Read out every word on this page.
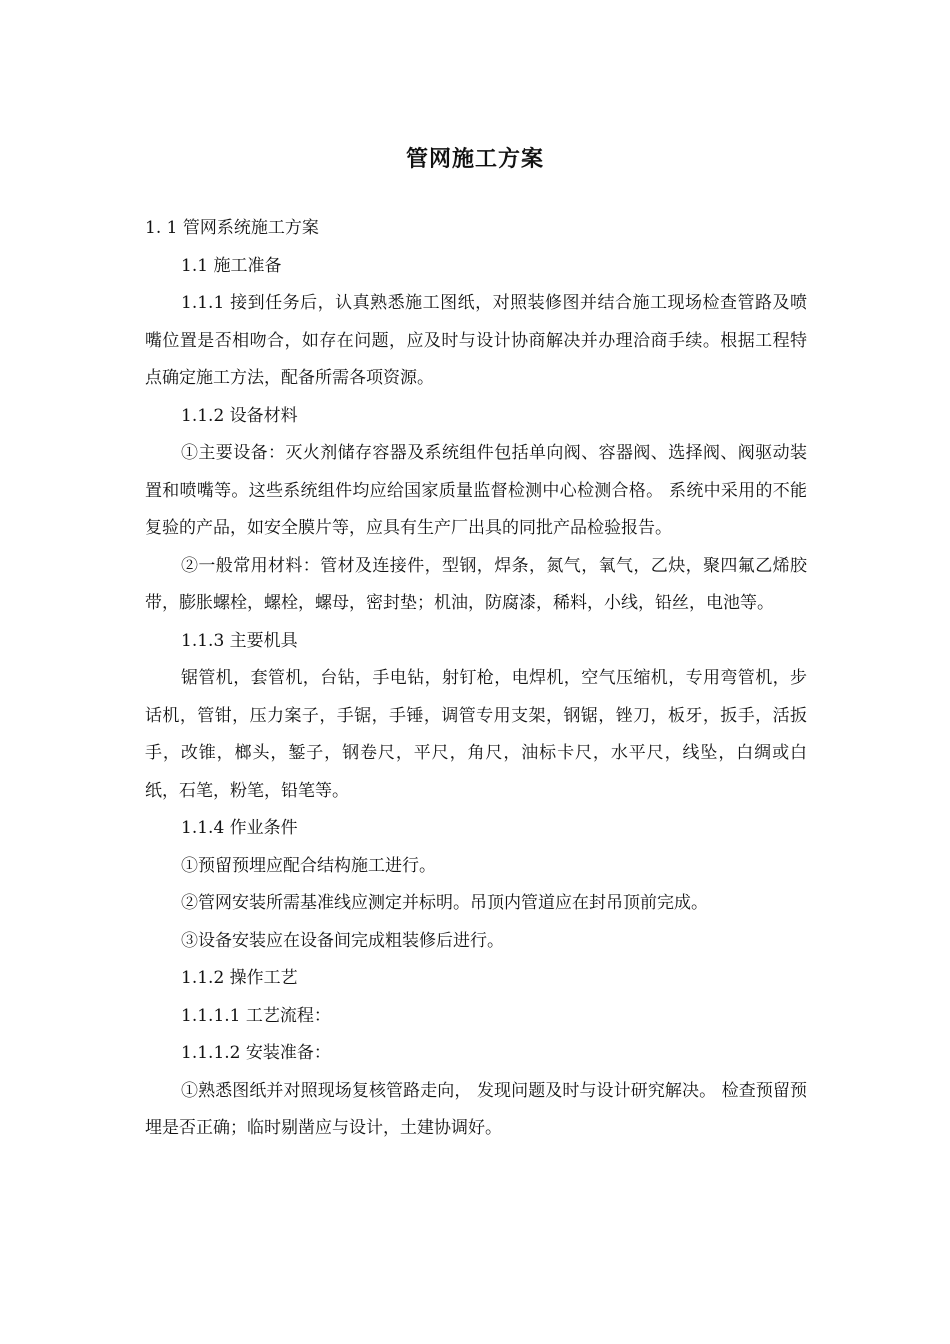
管网施工方案

1. 1 管网系统施工方案

1.1 施工准备

1.1.1 接到任务后，认真熟悉施工图纸，对照装修图并结合施工现场检查管路及喷嘴位置是否相吻合，如存在问题，应及时与设计协商解决并办理洽商手续。根据工程特点确定施工方法，配备所需各项资源。

1.1.2 设备材料

①主要设备：灭火剂储存容器及系统组件包括单向阀、容器阀、选择阀、阀驱动装置和喷嘴等。这些系统组件均应给国家质量监督检测中心检测合格。 系统中采用的不能复验的产品，如安全膜片等，应具有生产厂出具的同批产品检验报告。

②一般常用材料：管材及连接件，型钢，焊条，氮气，氧气，乙炔，聚四氟乙烯胶带，膨胀螺栓，螺栓，螺母，密封垫；机油，防腐漆，稀料，小线，铅丝，电池等。

1.1.3 主要机具

锯管机，套管机，台钻，手电钻，射钉枪，电焊机，空气压缩机，专用弯管机，步话机，管钳，压力案子，手锯，手锤，调管专用支架，钢锯，锉刀，板牙，扳手，活扳手，改锥，榔头，錾子，钢卷尺，平尺，角尺，油标卡尺，水平尺，线坠，白绸或白纸，石笔，粉笔，铅笔等。

1.1.4 作业条件

①预留预埋应配合结构施工进行。

②管网安装所需基准线应测定并标明。吊顶内管道应在封吊顶前完成。

③设备安装应在设备间完成粗装修后进行。

1.1.2 操作工艺

1.1.1.1 工艺流程：

1.1.1.2 安装准备：

①熟悉图纸并对照现场复核管路走向， 发现问题及时与设计研究解决。 检查预留预埋是否正确；临时剔凿应与设计，土建协调好。
